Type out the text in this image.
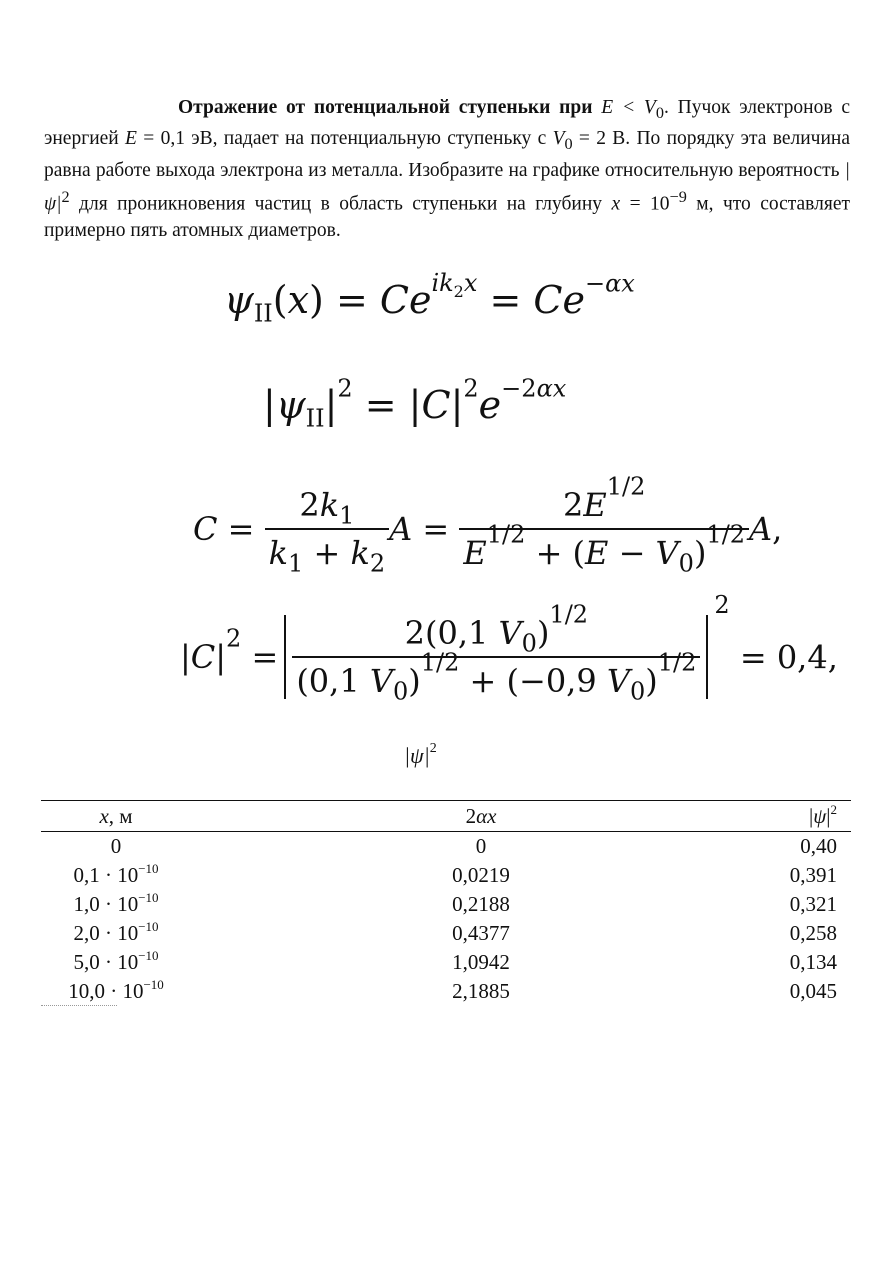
Отражение от потенциальной ступеньки при $E < V_0$. Пучок электронов с энергией E = 0,1 эВ, падает на потенциальную ступеньку с $V_0 = 2$ В. По порядку эта величина равна работе выхода электрона из металла. Изобразите на графике относительную вероятность $|\psi|^2$ для проникновения частиц в область ступеньки на глубину $x = 10^{-9}$ м, что составляет примерно пять атомных диаметров.
$\psi_{II}(x) = Ce^{ik_2x} = Ce^{-\alpha x}$
$|\psi_{II}|^2 = |C|^2e^{-2\alpha x}$
$C = \frac{2k_1}{k_1 + k_2}$ $A = \frac{2E^{1/2}}{E^{1/2} + (E - V_0)^{1/2}} A$,
$|C|^2 = \frac{2(0,1 V_0)^{1/2}}{(0,1 V_0)^{1/2} + (-0,9 V_0)^{1/2}}$
$^2$ = 0,4,
$|\psi|^2$
x, м	2αx	$|\psi|^2$
0	0	0,40
$0,1 \cdot 10^{-10}$	0,0219	0,391
$1,0 \cdot 10^{-10}$	0,2188	0,321
$2,0 \cdot 10^{-10}$	0,4377	0,258
$5,0 \cdot 10^{-10}$	1,0942	0,134
$10,0 \cdot 10^{-10}$	2,1885	0,045
